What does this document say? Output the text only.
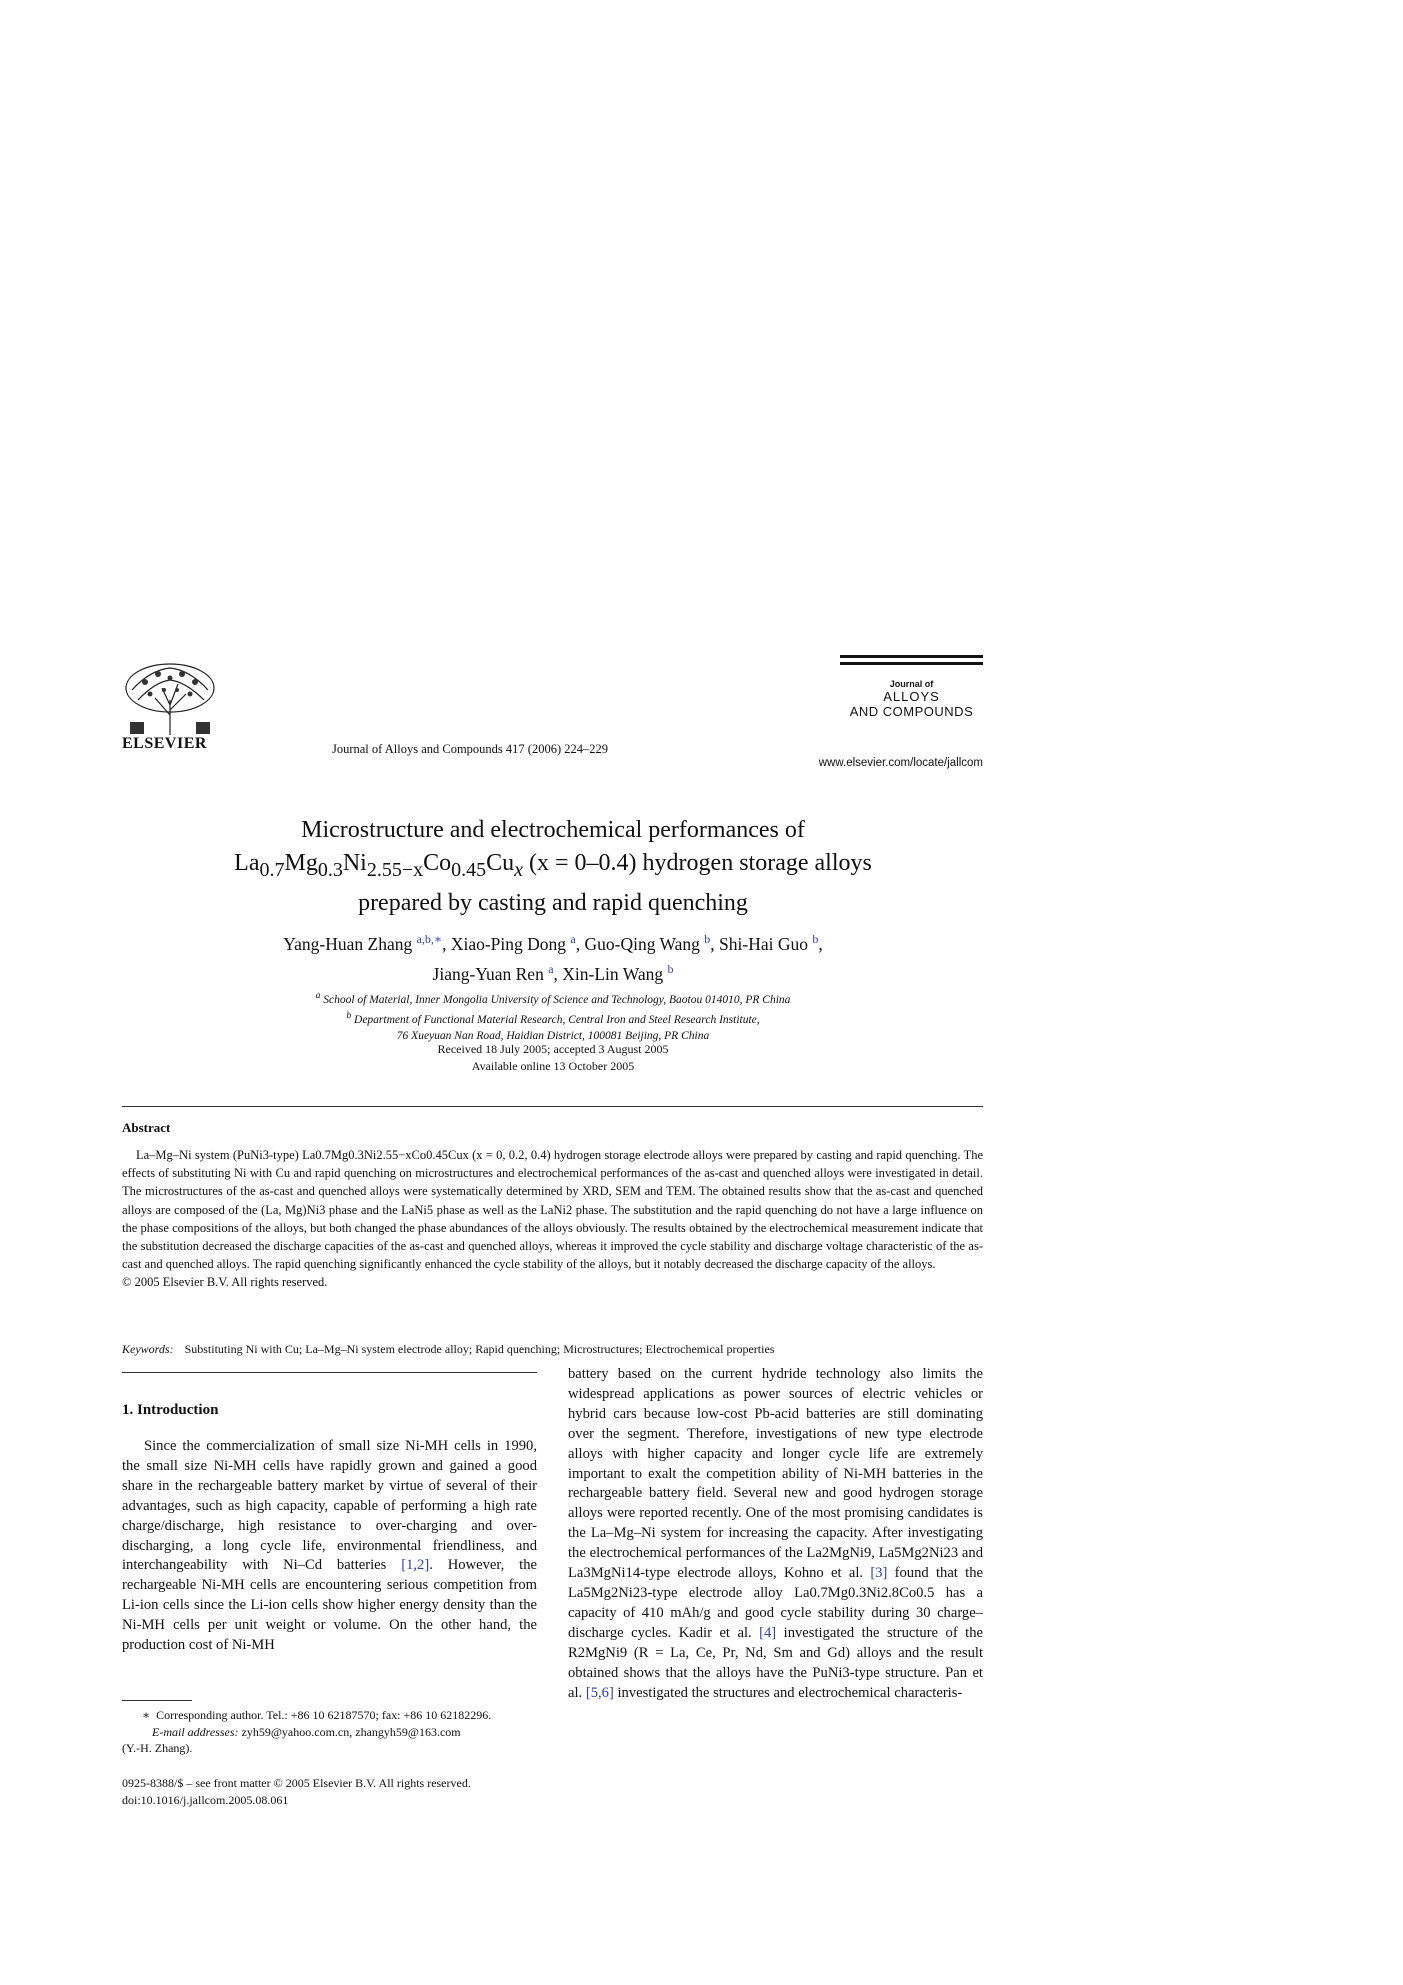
ELSEVIER	Journal of Alloys and Compounds 417 (2006) 224–229
Journal of
ALLOYS
AND COMPOUNDS
www.elsevier.com/locate/jallcom
Microstructure and electrochemical performances of
$La_{0.7}Mg_{0.3}Ni_{2.55-x}Co_{0.45}Cu_x$ (x = 0–0.4) hydrogen storage alloys
prepared by casting and rapid quenching
Yang-Huan Zhang $^{a,b,∗}$, Xiao-Ping Dong $^a$, Guo-Qing Wang $^b$, Shi-Hai Guo $^b$,
Jiang-Yuan Ren $^a$, Xin-Lin Wang $^b$
$^a$ School of Material, Inner Mongolia University of Science and Technology, Baotou 014010, PR China
$^b$ Department of Functional Material Research, Central Iron and Steel Research Institute,
76 Xueyuan Nan Road, Haidian District, 100081 Beijing, PR China
Received 18 July 2005; accepted 3 August 2005
Available online 13 October 2005
Abstract

La–Mg–Ni system (PuNi3-type) La0.7Mg0.3Ni2.55−xCo0.45Cux (x = 0, 0.2, 0.4) hydrogen storage electrode alloys were prepared by casting and rapid quenching. The effects of substituting Ni with Cu and rapid quenching on microstructures and electrochemical performances of the as-cast and quenched alloys were investigated in detail. The microstructures of the as-cast and quenched alloys were systematically determined by XRD, SEM and TEM. The obtained results show that the as-cast and quenched alloys are composed of the (La, Mg)Ni3 phase and the LaNi5 phase as well as the LaNi2 phase. The substitution and the rapid quenching do not have a large influence on the phase compositions of the alloys, but both changed the phase abundances of the alloys obviously. The results obtained by the electrochemical measurement indicate that the substitution decreased the discharge capacities of the as-cast and quenched alloys, whereas it improved the cycle stability and discharge voltage characteristic of the as-cast and quenched alloys. The rapid quenching significantly enhanced the cycle stability of the alloys, but it notably decreased the discharge capacity of the alloys.

© 2005 Elsevier B.V. All rights reserved.

Keywords: Substituting Ni with Cu; La–Mg–Ni system electrode alloy; Rapid quenching; Microstructures; Electrochemical properties
1. Introduction

Since the commercialization of small size Ni-MH cells in 1990, the small size Ni-MH cells have rapidly grown and gained a good share in the rechargeable battery market by virtue of several of their advantages, such as high capacity, capable of performing a high rate charge/discharge, high resistance to over-charging and over-discharging, a long cycle life, environmental friendliness, and interchangeability with Ni–Cd batteries [1,2]. However, the rechargeable Ni-MH cells are encountering serious competition from Li-ion cells since the Li-ion cells show higher energy density than the Ni-MH cells per unit weight or volume. On the other hand, the production cost of Ni-MH

battery based on the current hydride technology also limits the widespread applications as power sources of electric vehicles or hybrid cars because low-cost Pb-acid batteries are still dominating over the segment. Therefore, investigations of new type electrode alloys with higher capacity and longer cycle life are extremely important to exalt the competition ability of Ni-MH batteries in the rechargeable battery field. Several new and good hydrogen storage alloys were reported recently. One of the most promising candidates is the La–Mg–Ni system for increasing the capacity. After investigating the electrochemical performances of the La2MgNi9, La5Mg2Ni23 and La3MgNi14-type electrode alloys, Kohno et al. [3] found that the La5Mg2Ni23-type electrode alloy La0.7Mg0.3Ni2.8Co0.5 has a capacity of 410 mAh/g and good cycle stability during 30 charge–discharge cycles. Kadir et al. [4] investigated the structure of the R2MgNi9 (R = La, Ce, Pr, Nd, Sm and Gd) alloys and the result obtained shows that the alloys have the PuNi3-type structure. Pan et al. [5,6] investigated the structures and electrochemical characteris-

∗ Corresponding author. Tel.: +86 10 62187570; fax: +86 10 62182296.

E-mail addresses: zyh59@yahoo.com.cn, zhangyh59@163.com

(Y.-H. Zhang).

0925-8388/$ – see front matter © 2005 Elsevier B.V. All rights reserved.

doi:10.1016/j.jallcom.2005.08.061
